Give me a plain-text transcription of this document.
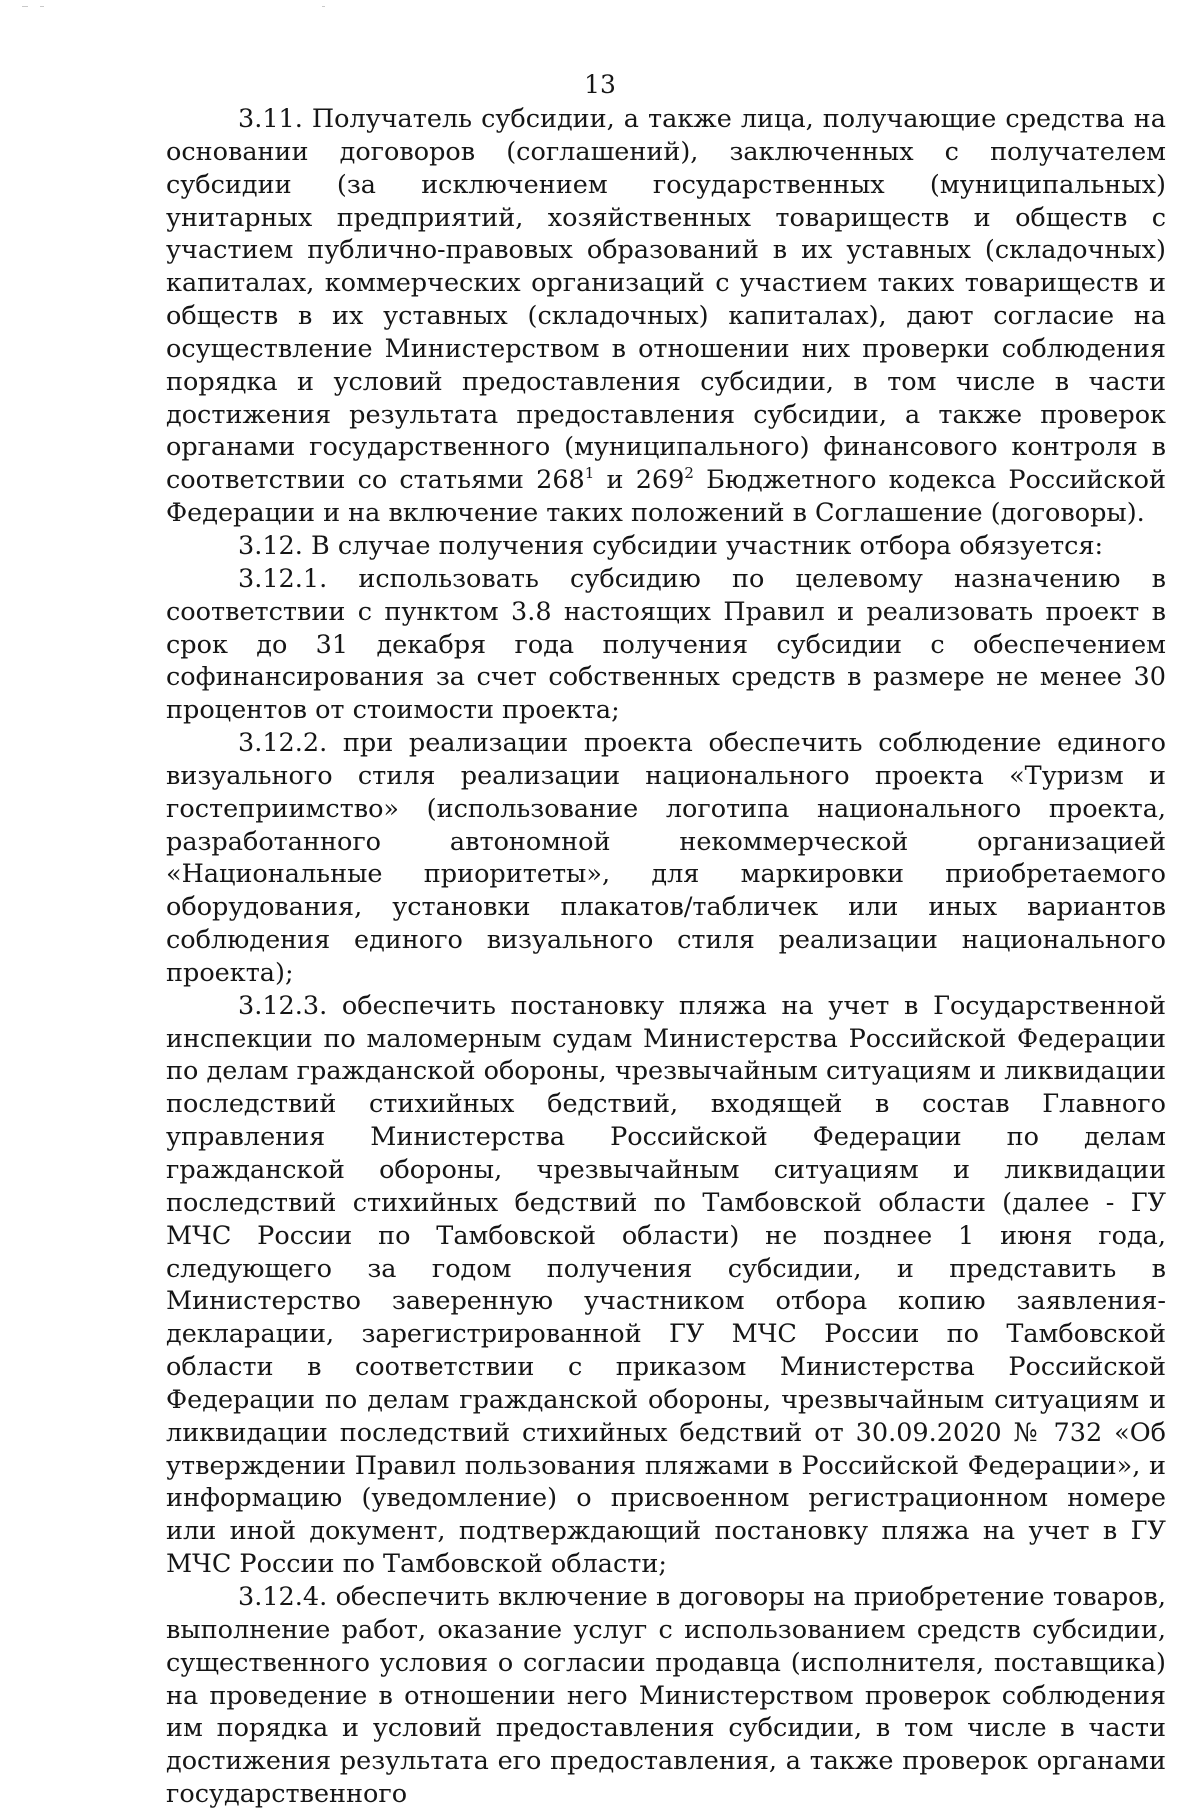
13

3.11. Получатель субсидии, а также лица, получающие средства на основании договоров (соглашений), заключенных с получателем субсидии (за исключением государственных (муниципальных) унитарных предприятий, хозяйственных товариществ и обществ с участием публично-правовых образований в их уставных (складочных) капиталах, коммерческих организаций с участием таких товариществ и обществ в их уставных (складочных) капиталах), дают согласие на осуществление Министерством в отношении них проверки соблюдения порядка и условий предоставления субсидии, в том числе в части достижения результата предоставления субсидии, а также проверок органами государственного (муниципального) финансового контроля в соответствии со статьями $268^1$ и $269^2$ Бюджетного кодекса Российской Федерации и на включение таких положений в Соглашение (договоры).

3.12. В случае получения субсидии участник отбора обязуется:

3.12.1. использовать субсидию по целевому назначению в соответствии с пунктом 3.8 настоящих Правил и реализовать проект в срок до 31 декабря года получения субсидии с обеспечением софинансирования за счет собственных средств в размере не менее 30 процентов от стоимости проекта;

3.12.2. при реализации проекта обеспечить соблюдение единого визуального стиля реализации национального проекта «Туризм и гостеприимство» (использование логотипа национального проекта, разработанного автономной некоммерческой организацией «Национальные приоритеты», для маркировки приобретаемого оборудования, установки плакатов/табличек или иных вариантов соблюдения единого визуального стиля реализации национального проекта);

3.12.3. обеспечить постановку пляжа на учет в Государственной инспекции по маломерным судам Министерства Российской Федерации по делам гражданской обороны, чрезвычайным ситуациям и ликвидации последствий стихийных бедствий, входящей в состав Главного управления Министерства Российской Федерации по делам гражданской обороны, чрезвычайным ситуациям и ликвидации последствий стихийных бедствий по Тамбовской области (далее - ГУ МЧС России по Тамбовской области) не позднее 1 июня года, следующего за годом получения субсидии, и представить в Министерство заверенную участником отбора копию заявления-декларации, зарегистрированной ГУ МЧС России по Тамбовской области в соответствии с приказом Министерства Российской Федерации по делам гражданской обороны, чрезвычайным ситуациям и ликвидации последствий стихийных бедствий от 30.09.2020 № 732 «Об утверждении Правил пользования пляжами в Российской Федерации», и информацию (уведомление) о присвоенном регистрационном номере или иной документ, подтверждающий постановку пляжа на учет в ГУ МЧС России по Тамбовской области;

3.12.4. обеспечить включение в договоры на приобретение товаров, выполнение работ, оказание услуг с использованием средств субсидии, существенного условия о согласии продавца (исполнителя, поставщика) на проведение в отношении него Министерством проверок соблюдения им порядка и условий предоставления субсидии, в том числе в части достижения результата его предоставления, а также проверок органами государственного
